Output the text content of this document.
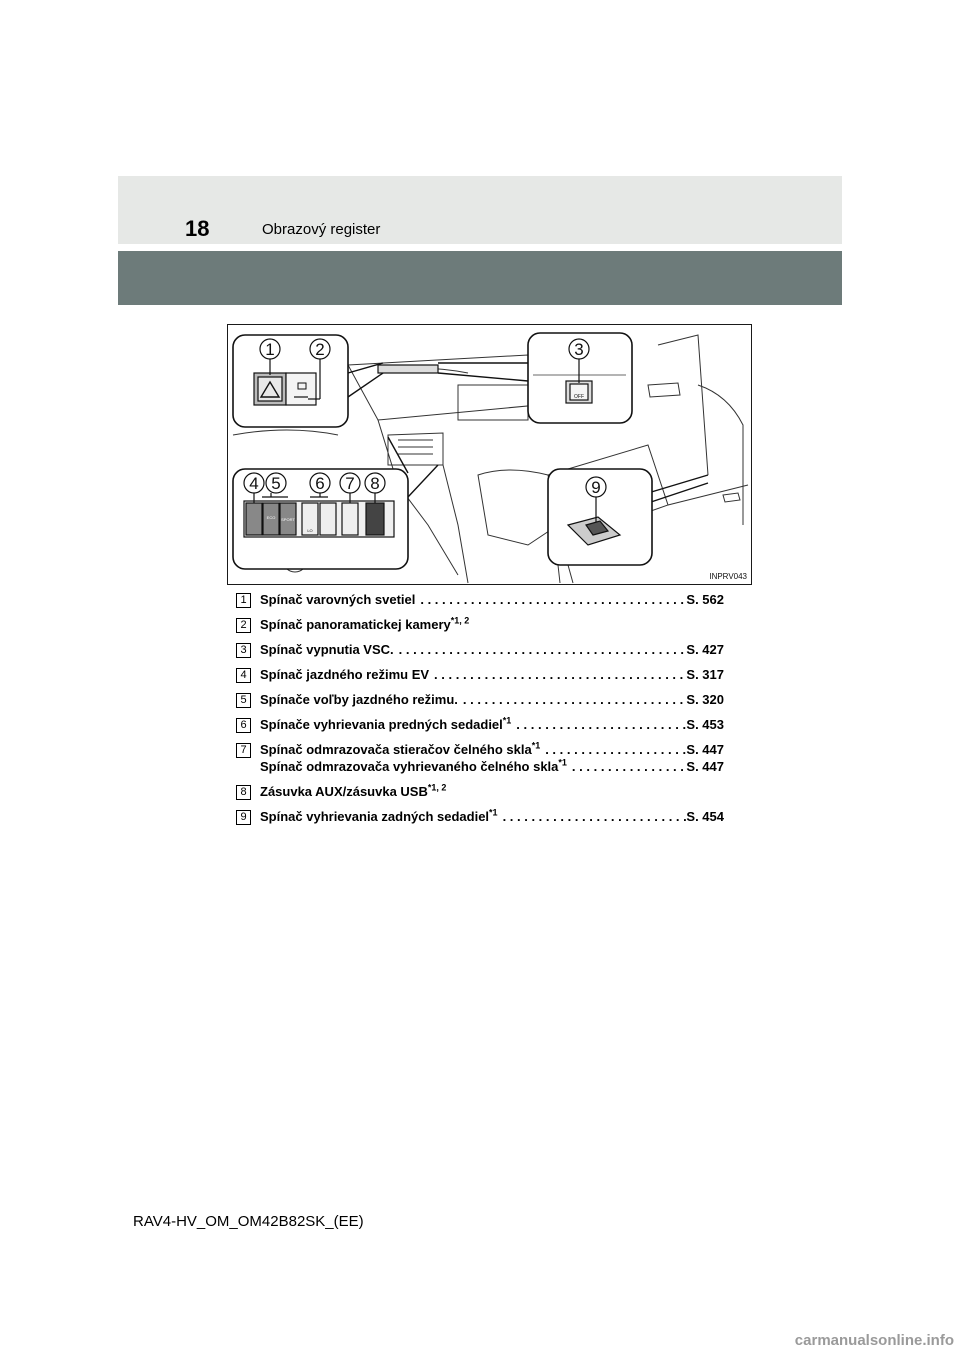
18	Obrazový register
1 2
OFF
3
ECO SPORT
LO
4 5 6 7 8	9
INPRV043
1	Spínač varovných svetiel . . .	S. 562
2	Spínač panoramatickej kamery$^{*1, 2}$
3	Spínač vypnutia VSC. . . .	S. 427
4	Spínač jazdného režimu EV . . .	S. 317
5	Spínače voľby jazdného režimu. . . .	S. 320
6	Spínače vyhrievania predných sedadiel$^{*1}$ . . .	S. 453
7	Spínač odmrazovača stieračov čelného skla$^{*1}$ . . .	S. 447
Spínač odmrazovača vyhrievaného čelného skla$^{*1}$ . . .	S. 447
8	Zásuvka AUX/zásuvka USB$^{*1, 2}$
9	Spínač vyhrievania zadných sedadiel$^{*1}$ . . .	S. 454
RAV4-HV_OM_OM42B82SK_(EE)
carmanualsonline.info
